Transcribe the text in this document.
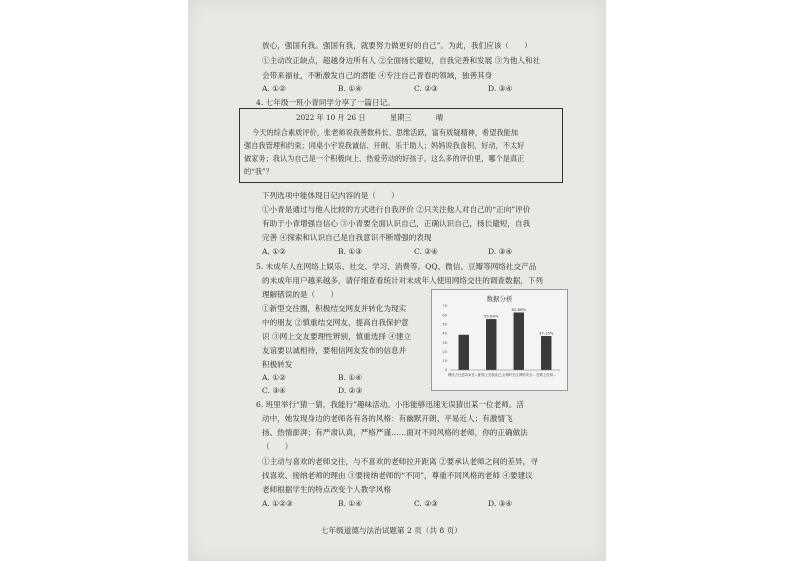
放心，强国有我。强国有我，就要努力做更好的自己”。为此，我们应该（　　）
①主动改正缺点，超越身边所有人 ②全面扬长避短，自我完善和发展 ③为他人和社
会带来福祉，不断激发自己的潜能 ④专注自己青春的领域，独善其身
A. ①②	B. ①④	C. ②③	D. ③④
4. 七年级一班小青同学分享了一篇日记。
2022 年 10 月 26 日	星期三	晴
今天的综合素质评价，张老师说我善数科长、思维活跃，富有质疑精神，希望我能加
强自我管理和约束；同桌小宇说我诚信、开朗、乐于助人；妈妈说我食积、好动，不太好
做家务；我认为自己是一个积极向上、热爱劳动的好孩子。这么多的评价里，哪个是真正
的“我”？
下列选项中能体现日记内容的是（　　）
①小青是通过与他人比较的方式进行自我评价 ②只关注他人对自己的“正向”评价
有助于小青增强自信心 ③小青要全面认识自己，正确认识自己，扬长避短，自我
完善 ④探索和认识自己是自我意识不断增强的表现
A. ①②	B. ①③	C. ②④	D. ③④
5. 未成年人在网络上娱乐、社交、学习、消费等。QQ、微信、豆瓣等网络社交产品
的未成年用户越来越多，请仔细查看统计对未成年人使用网络交往的调查数据，下列
理解错误的是（　　）
①新型交往圈，积极结交网友并转化为现实
中的朋友 ②慎重结交网友，提高自我保护意
识 ③网上交友要理性辨别，慎重选择 ④建立
友谊要以诚相待，要相信网友发布的信息并
积极转发
A. ①②	B. ①④
C. ③④	D. ②③
数据分析
0
10
20
30
40
50
60
70
网民占比近2/3(在...)
55.69%
在网上交朋友已...
62.89%
上网时关注网络安全...
37.15%
在网上经常...
6. 班里举行“猜一猜，我能行”趣味活动。小彤能够迅速无误猜出某一位老师。活
动中，她发现身边的老师各有各的风格：有幽默开朗、平易近人；有激情飞
扬、热情澎湃；有严肃认真，严格严谨……面对不同风格的老师，你的正确做法
（　　）
①主动与喜欢的老师交往，与不喜欢的老师拉开距离 ②要承认老师之间的差异，寻
找喜欢、接纳老师的理由 ③要接纳老师的“不同”，尊重不同风格的老师 ④要建议
老师根据学生的特点改变个人教学风格
A. ①②③	B. ①④	C. ②③	D. ③④
七年级道德与法治试题第 2 页（共 8 页）
